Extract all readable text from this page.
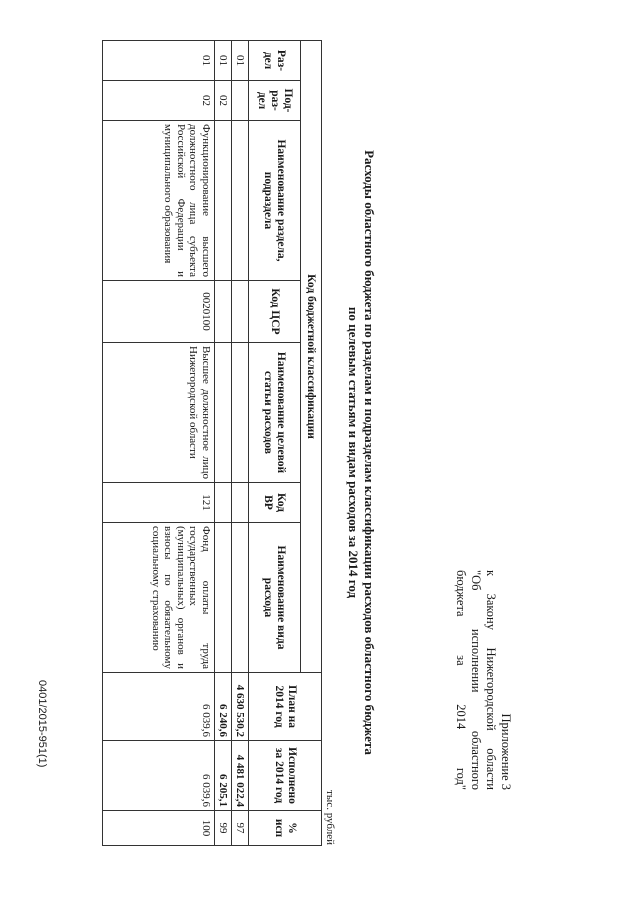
Приложение 3
к Закону Нижегородской области
"Об исполнении областного
бюджета за 2014 год"
Расходы областного бюджета по разделам и подразделам классификации расходов областного бюджета
по целевым статьям и видам расходов за 2014 год
тыс. рублей
Код бюджетной классификации							План на 2014 год	Исполнено за 2014 год	% исп
Раз-дел	Под-раз-дел	Наименование раздела, подраздела	Код ЦСР	Наименование целевой статьи расходов	Код ВР	Наименование вида расхода			
01							4 630 530,2	4 481 022,4	97
01	02						6 240,6	6 205,1	99
01	02	Функционирование высшего должностного лица субъекта Российской Федерации и муниципального образования	0020100	Высшее должностное лицо Нижегородской области	121	Фонд оплаты труда государственных (муниципальных) органов и взносы по обязательному социальному страхованию	6 039,6	6 039,6	100
0401/2015-951(1)
